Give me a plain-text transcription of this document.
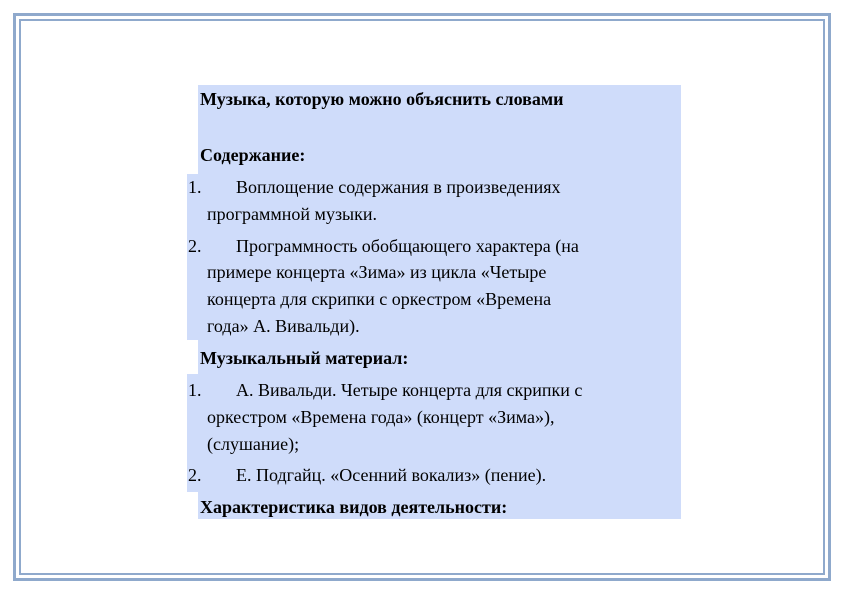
Музыка, которую можно объяснить словами
Содержание:
1. Воплощение содержания в произведениях
программной музыки.
2. Программность обобщающего характера (на
примере концерта «Зима» из цикла «Четыре
концерта для скрипки с оркестром «Времена
года» А. Вивальди).
Музыкальный материал:
1. А. Вивальди. Четыре концерта для скрипки с
оркестром «Времена года» (концерт «Зима»),
(слушание);
2. Е. Подгайц. «Осенний вокализ» (пение).
Характеристика видов деятельности:
